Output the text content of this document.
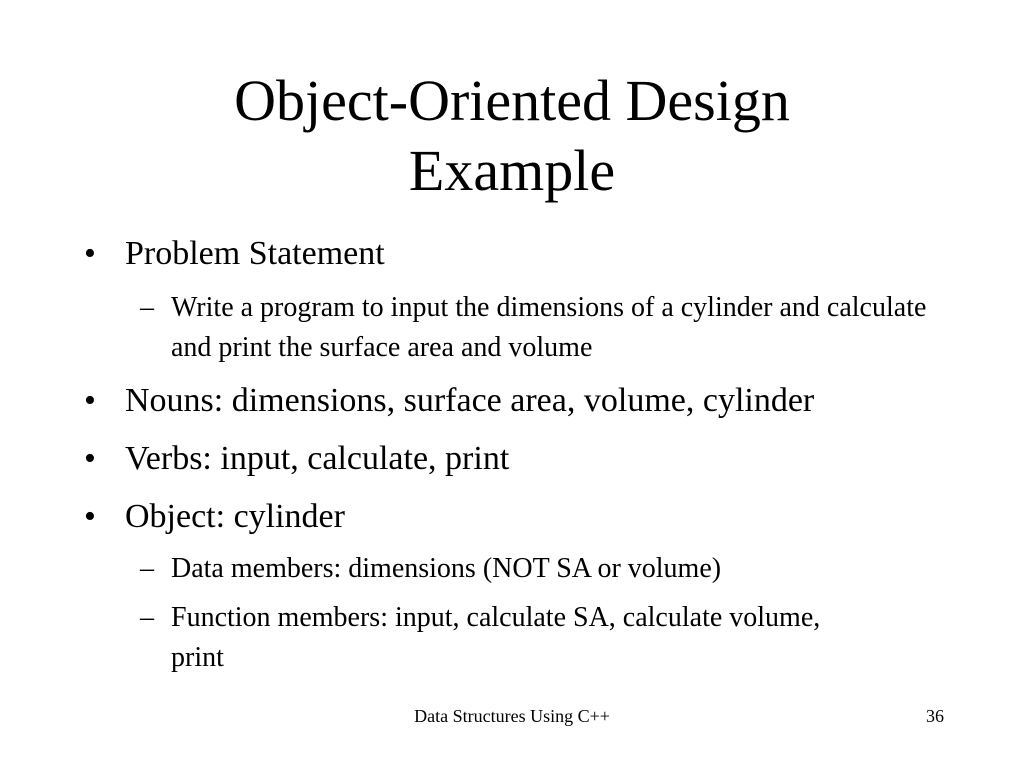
Object-Oriented Design
Example
• Problem Statement
– Write a program to input the dimensions of a cylinder and calculate and print the surface area and volume
• Nouns: dimensions, surface area, volume, cylinder
• Verbs: input, calculate, print
• Object: cylinder
– Data members: dimensions (NOT SA or volume)
– Function members: input, calculate SA, calculate volume, print
Data Structures Using C++	36
